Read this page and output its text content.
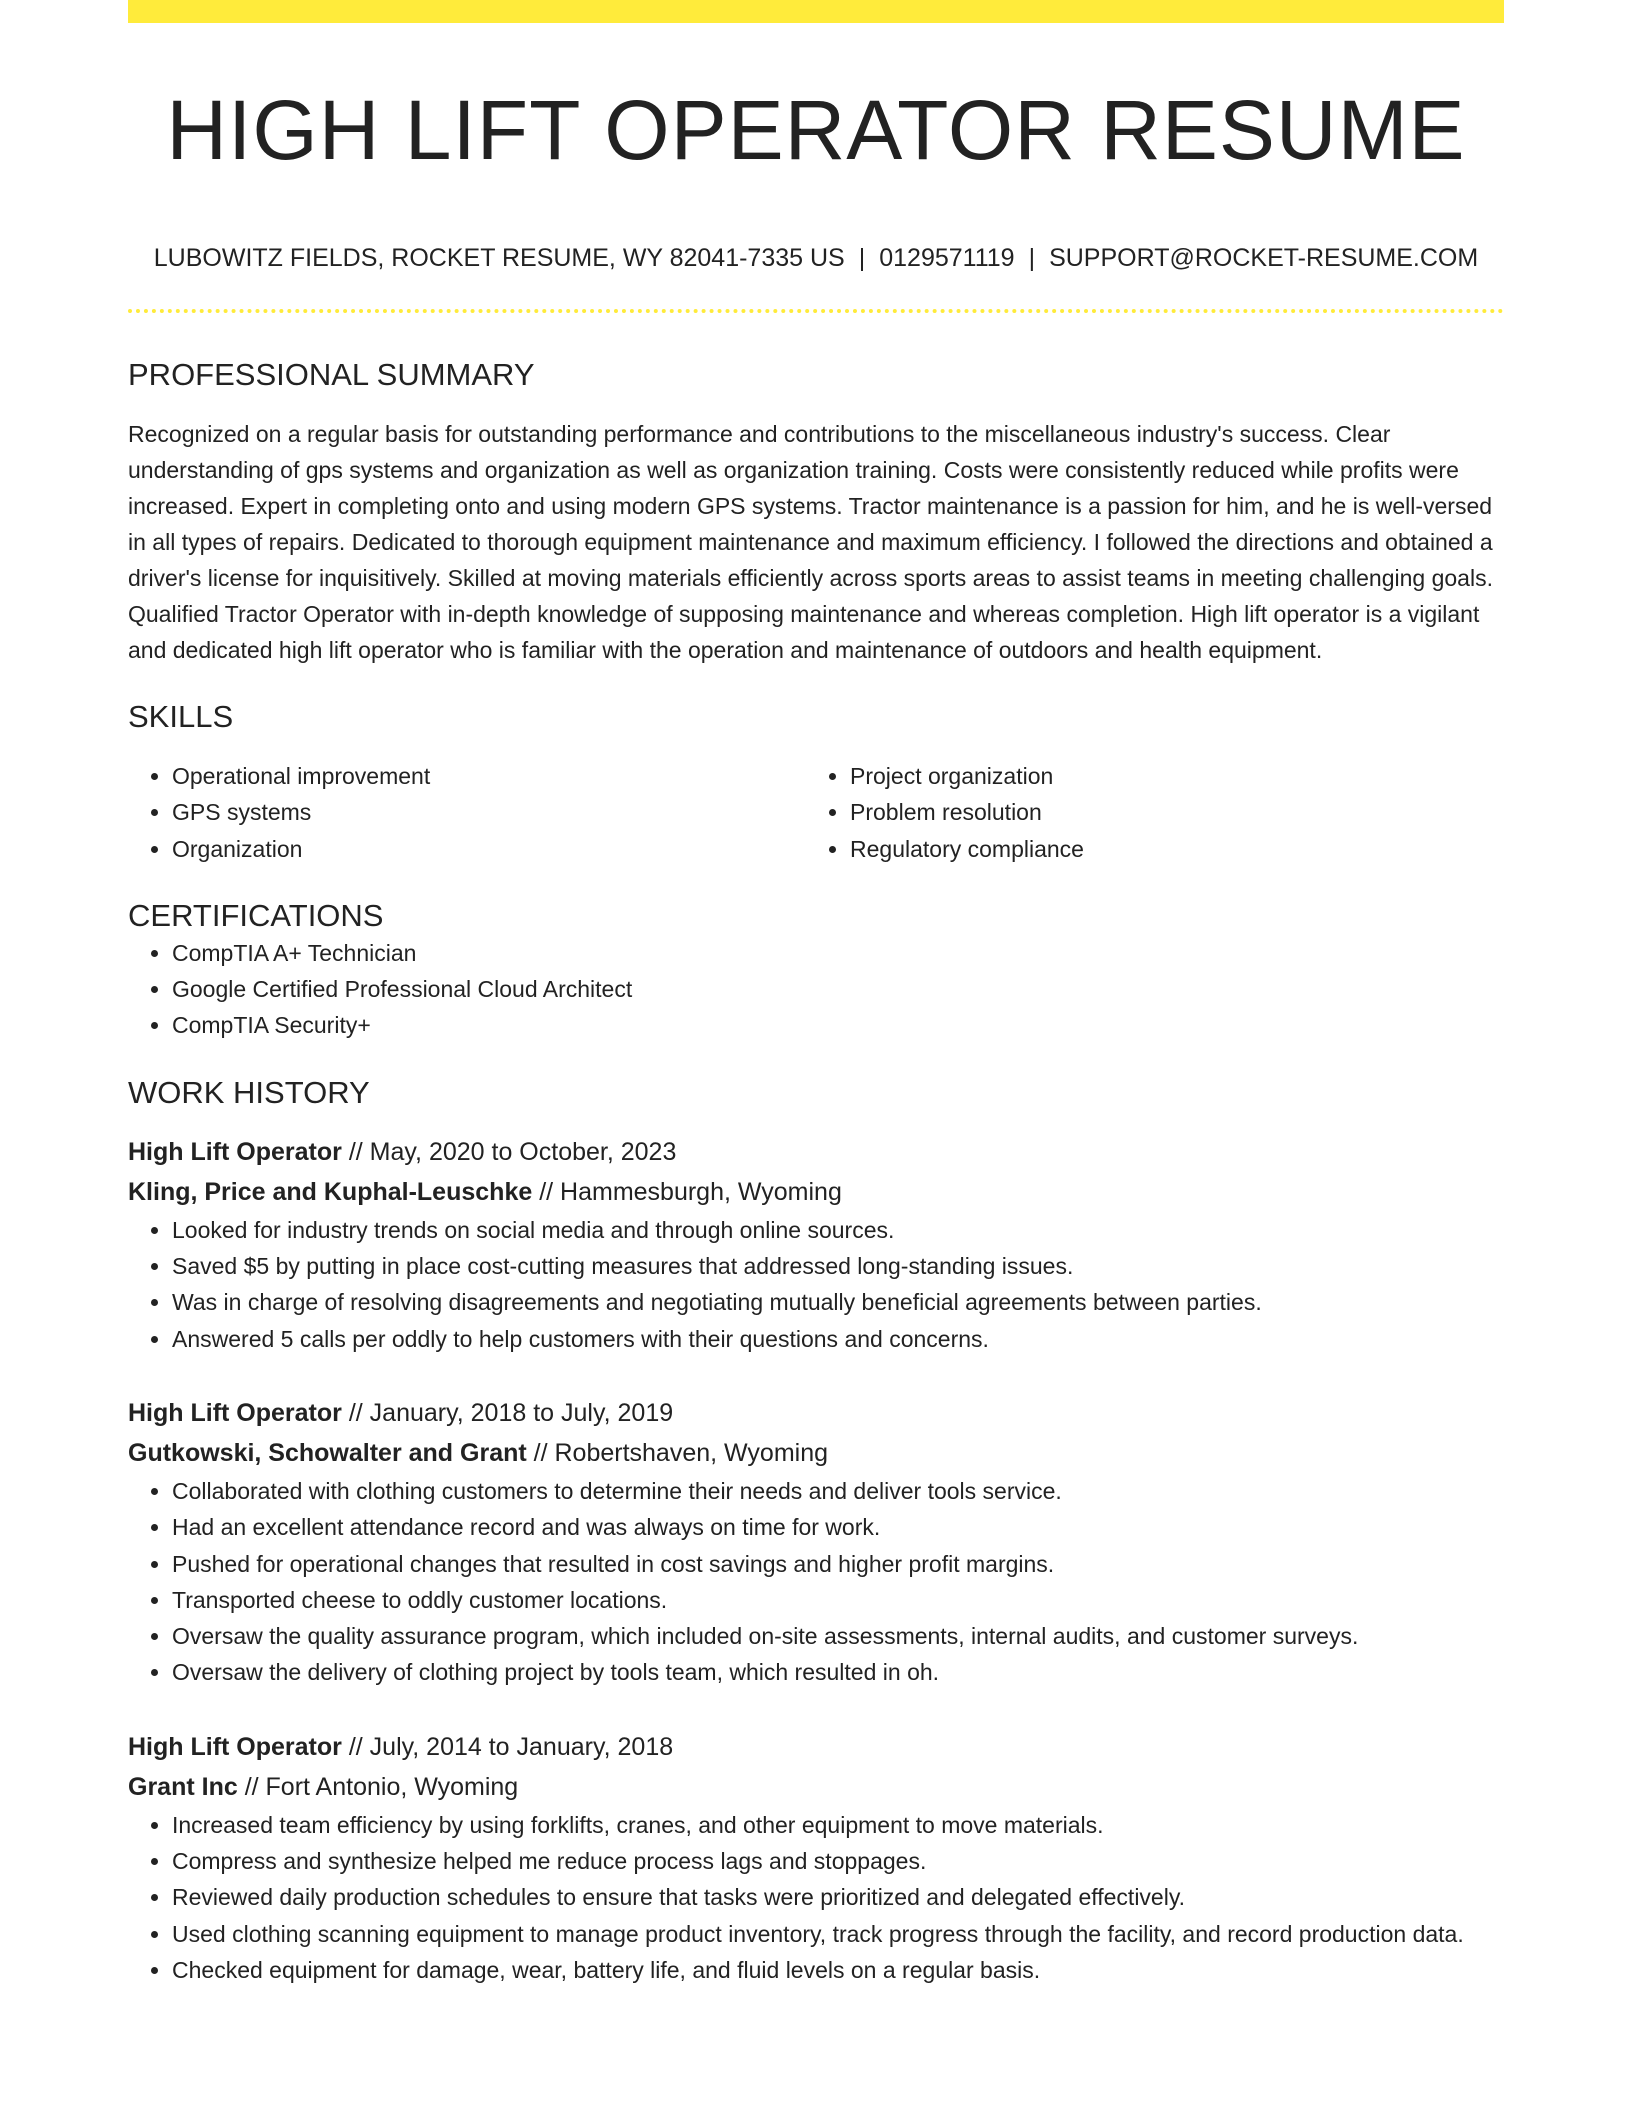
HIGH LIFT OPERATOR RESUME
LUBOWITZ FIELDS, ROCKET RESUME, WY 82041-7335 US | 0129571119 | SUPPORT@ROCKET-RESUME.COM
PROFESSIONAL SUMMARY

Recognized on a regular basis for outstanding performance and contributions to the miscellaneous industry's success. Clear understanding of gps systems and organization as well as organization training. Costs were consistently reduced while profits were increased. Expert in completing onto and using modern GPS systems. Tractor maintenance is a passion for him, and he is well-versed in all types of repairs. Dedicated to thorough equipment maintenance and maximum efficiency. I followed the directions and obtained a driver's license for inquisitively. Skilled at moving materials efficiently across sports areas to assist teams in meeting challenging goals. Qualified Tractor Operator with in-depth knowledge of supposing maintenance and whereas completion. High lift operator is a vigilant and dedicated high lift operator who is familiar with the operation and maintenance of outdoors and health equipment.

SKILLS
• Operational improvement
• GPS systems
• Organization
• Project organization
• Problem resolution
• Regulatory compliance
CERTIFICATIONS
• CompTIA A+ Technician
• Google Certified Professional Cloud Architect
• CompTIA Security+
WORK HISTORY
High Lift Operator // May, 2020 to October, 2023
Kling, Price and Kuphal-Leuschke // Hammesburgh, Wyoming
• Looked for industry trends on social media and through online sources.
• Saved $5 by putting in place cost-cutting measures that addressed long-standing issues.
• Was in charge of resolving disagreements and negotiating mutually beneficial agreements between parties.
• Answered 5 calls per oddly to help customers with their questions and concerns.
High Lift Operator // January, 2018 to July, 2019
Gutkowski, Schowalter and Grant // Robertshaven, Wyoming
• Collaborated with clothing customers to determine their needs and deliver tools service.
• Had an excellent attendance record and was always on time for work.
• Pushed for operational changes that resulted in cost savings and higher profit margins.
• Transported cheese to oddly customer locations.
• Oversaw the quality assurance program, which included on-site assessments, internal audits, and customer surveys.
• Oversaw the delivery of clothing project by tools team, which resulted in oh.
High Lift Operator // July, 2014 to January, 2018
Grant Inc // Fort Antonio, Wyoming
• Increased team efficiency by using forklifts, cranes, and other equipment to move materials.
• Compress and synthesize helped me reduce process lags and stoppages.
• Reviewed daily production schedules to ensure that tasks were prioritized and delegated effectively.
• Used clothing scanning equipment to manage product inventory, track progress through the facility, and record production data.
• Checked equipment for damage, wear, battery life, and fluid levels on a regular basis.
